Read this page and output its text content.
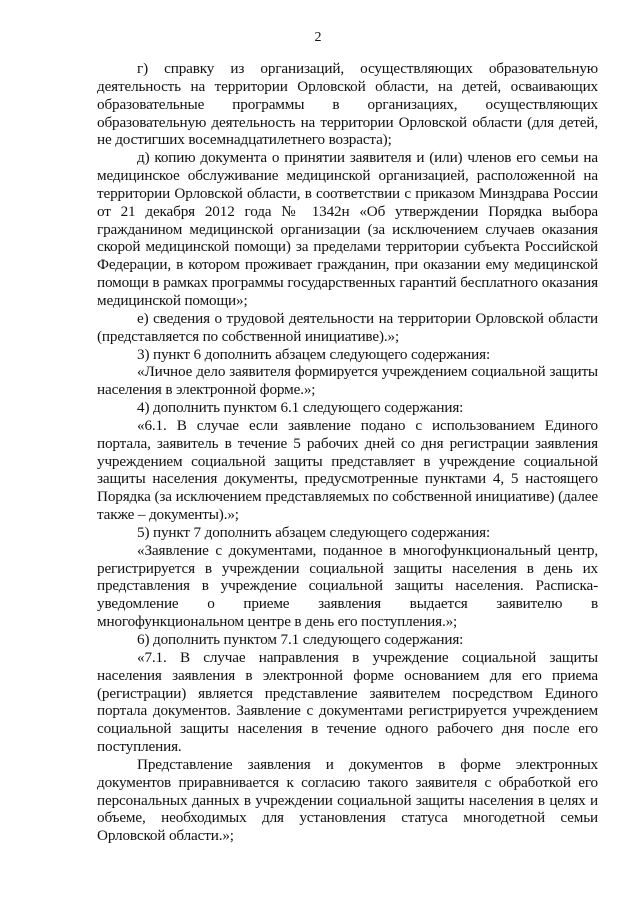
2

г) справку из организаций, осуществляющих образовательную деятельность на территории Орловской области, на детей, осваивающих образовательные программы в организациях, осуществляющих образовательную деятельность на территории Орловской области (для детей, не достигших восемнадцатилетнего возраста);

д) копию документа о принятии заявителя и (или) членов его семьи на медицинское обслуживание медицинской организацией, расположенной на территории Орловской области, в соответствии с приказом Минздрава России от 21 декабря 2012 года № 1342н «Об утверждении Порядка выбора гражданином медицинской организации (за исключением случаев оказания скорой медицинской помощи) за пределами территории субъекта Российской Федерации, в котором проживает гражданин, при оказании ему медицинской помощи в рамках программы государственных гарантий бесплатного оказания медицинской помощи»;

е) сведения о трудовой деятельности на территории Орловской области (представляется по собственной инициативе).»;

3) пункт 6 дополнить абзацем следующего содержания:

«Личное дело заявителя формируется учреждением социальной защиты населения в электронной форме.»;

4) дополнить пунктом 6.1 следующего содержания:

«6.1. В случае если заявление подано с использованием Единого портала, заявитель в течение 5 рабочих дней со дня регистрации заявления учреждением социальной защиты представляет в учреждение социальной защиты населения документы, предусмотренные пунктами 4, 5 настоящего Порядка (за исключением представляемых по собственной инициативе) (далее также – документы).»;

5) пункт 7 дополнить абзацем следующего содержания:

«Заявление с документами, поданное в многофункциональный центр, регистрируется в учреждении социальной защиты населения в день их представления в учреждение социальной защиты населения. Расписка-уведомление о приеме заявления выдается заявителю в многофункциональном центре в день его поступления.»;

6) дополнить пунктом 7.1 следующего содержания:

«7.1. В случае направления в учреждение социальной защиты населения заявления в электронной форме основанием для его приема (регистрации) является представление заявителем посредством Единого портала документов. Заявление с документами регистрируется учреждением социальной защиты населения в течение одного рабочего дня после его поступления.

Представление заявления и документов в форме электронных документов приравнивается к согласию такого заявителя с обработкой его персональных данных в учреждении социальной защиты населения в целях и объеме, необходимых для установления статуса многодетной семьи Орловской области.»;
